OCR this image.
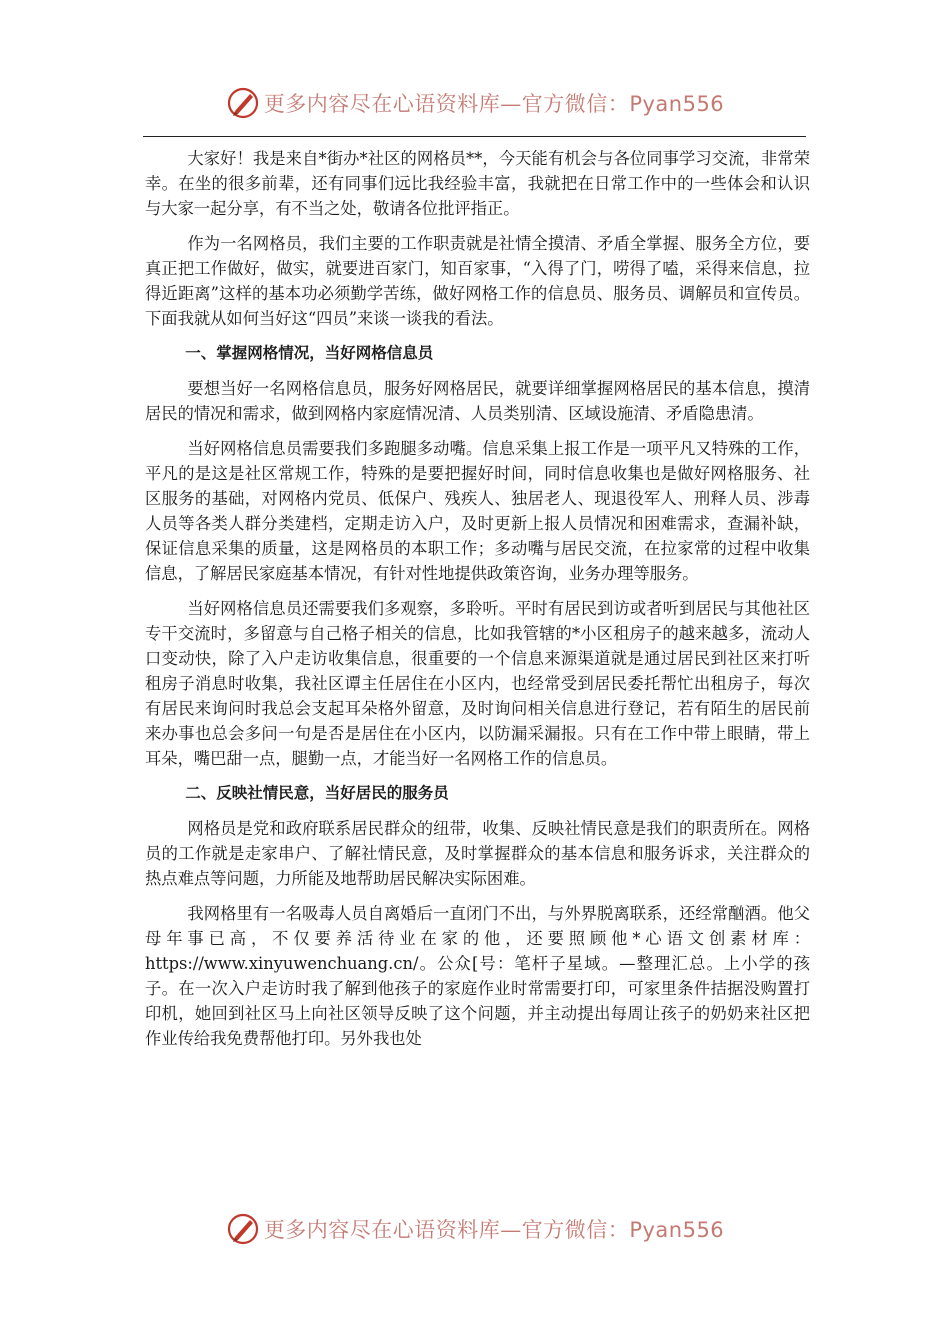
更多内容尽在心语资料库—官方微信：Pyan556

大家好！我是来自*街办*社区的网格员**，今天能有机会与各位同事学习交流，非常荣幸。在坐的很多前辈，还有同事们远比我经验丰富，我就把在日常工作中的一些体会和认识与大家一起分享，有不当之处，敬请各位批评指正。

作为一名网格员，我们主要的工作职责就是社情全摸清、矛盾全掌握、服务全方位，要真正把工作做好，做实，就要进百家门，知百家事，“入得了门，唠得了嗑，采得来信息，拉得近距离”这样的基本功必须勤学苦练，做好网格工作的信息员、服务员、调解员和宣传员。下面我就从如何当好这“四员”来谈一谈我的看法。

一、掌握网格情况，当好网格信息员

要想当好一名网格信息员，服务好网格居民，就要详细掌握网格居民的基本信息，摸清居民的情况和需求，做到网格内家庭情况清、人员类别清、区域设施清、矛盾隐患清。

当好网格信息员需要我们多跑腿多动嘴。信息采集上报工作是一项平凡又特殊的工作，平凡的是这是社区常规工作，特殊的是要把握好时间，同时信息收集也是做好网格服务、社区服务的基础，对网格内党员、低保户、残疾人、独居老人、现退役军人、刑释人员、涉毒人员等各类人群分类建档，定期走访入户，及时更新上报人员情况和困难需求，查漏补缺，保证信息采集的质量，这是网格员的本职工作；多动嘴与居民交流，在拉家常的过程中收集信息，了解居民家庭基本情况，有针对性地提供政策咨询，业务办理等服务。

当好网格信息员还需要我们多观察，多聆听。平时有居民到访或者听到居民与其他社区专干交流时，多留意与自己格子相关的信息，比如我管辖的*小区租房子的越来越多，流动人口变动快，除了入户走访收集信息，很重要的一个信息来源渠道就是通过居民到社区来打听租房子消息时收集，我社区谭主任居住在小区内，也经常受到居民委托帮忙出租房子，每次有居民来询问时我总会支起耳朵格外留意，及时询问相关信息进行登记，若有陌生的居民前来办事也总会多问一句是否是居住在小区内，以防漏采漏报。只有在工作中带上眼睛，带上耳朵，嘴巴甜一点，腿勤一点，才能当好一名网格工作的信息员。

二、反映社情民意，当好居民的服务员

网格员是党和政府联系居民群众的纽带，收集、反映社情民意是我们的职责所在。网格员的工作就是走家串户、了解社情民意，及时掌握群众的基本信息和服务诉求，关注群众的热点难点等问题，力所能及地帮助居民解决实际困难。

我网格里有一名吸毒人员自离婚后一直闭门不出，与外界脱离联系，还经常酗酒。他父母年事已高，不仅要养活待业在家的他，还要照顾他*心语文创素材库：https://www.xinyuwenchuang.cn/。公众[号：笔杆子星域。—整理汇总。上小学的孩子。在一次入户走访时我了解到他孩子的家庭作业时常需要打印，可家里条件拮据没购置打印机，她回到社区马上向社区领导反映了这个问题，并主动提出每周让孩子的奶奶来社区把作业传给我免费帮他打印。另外我也处

更多内容尽在心语资料库—官方微信：Pyan556
